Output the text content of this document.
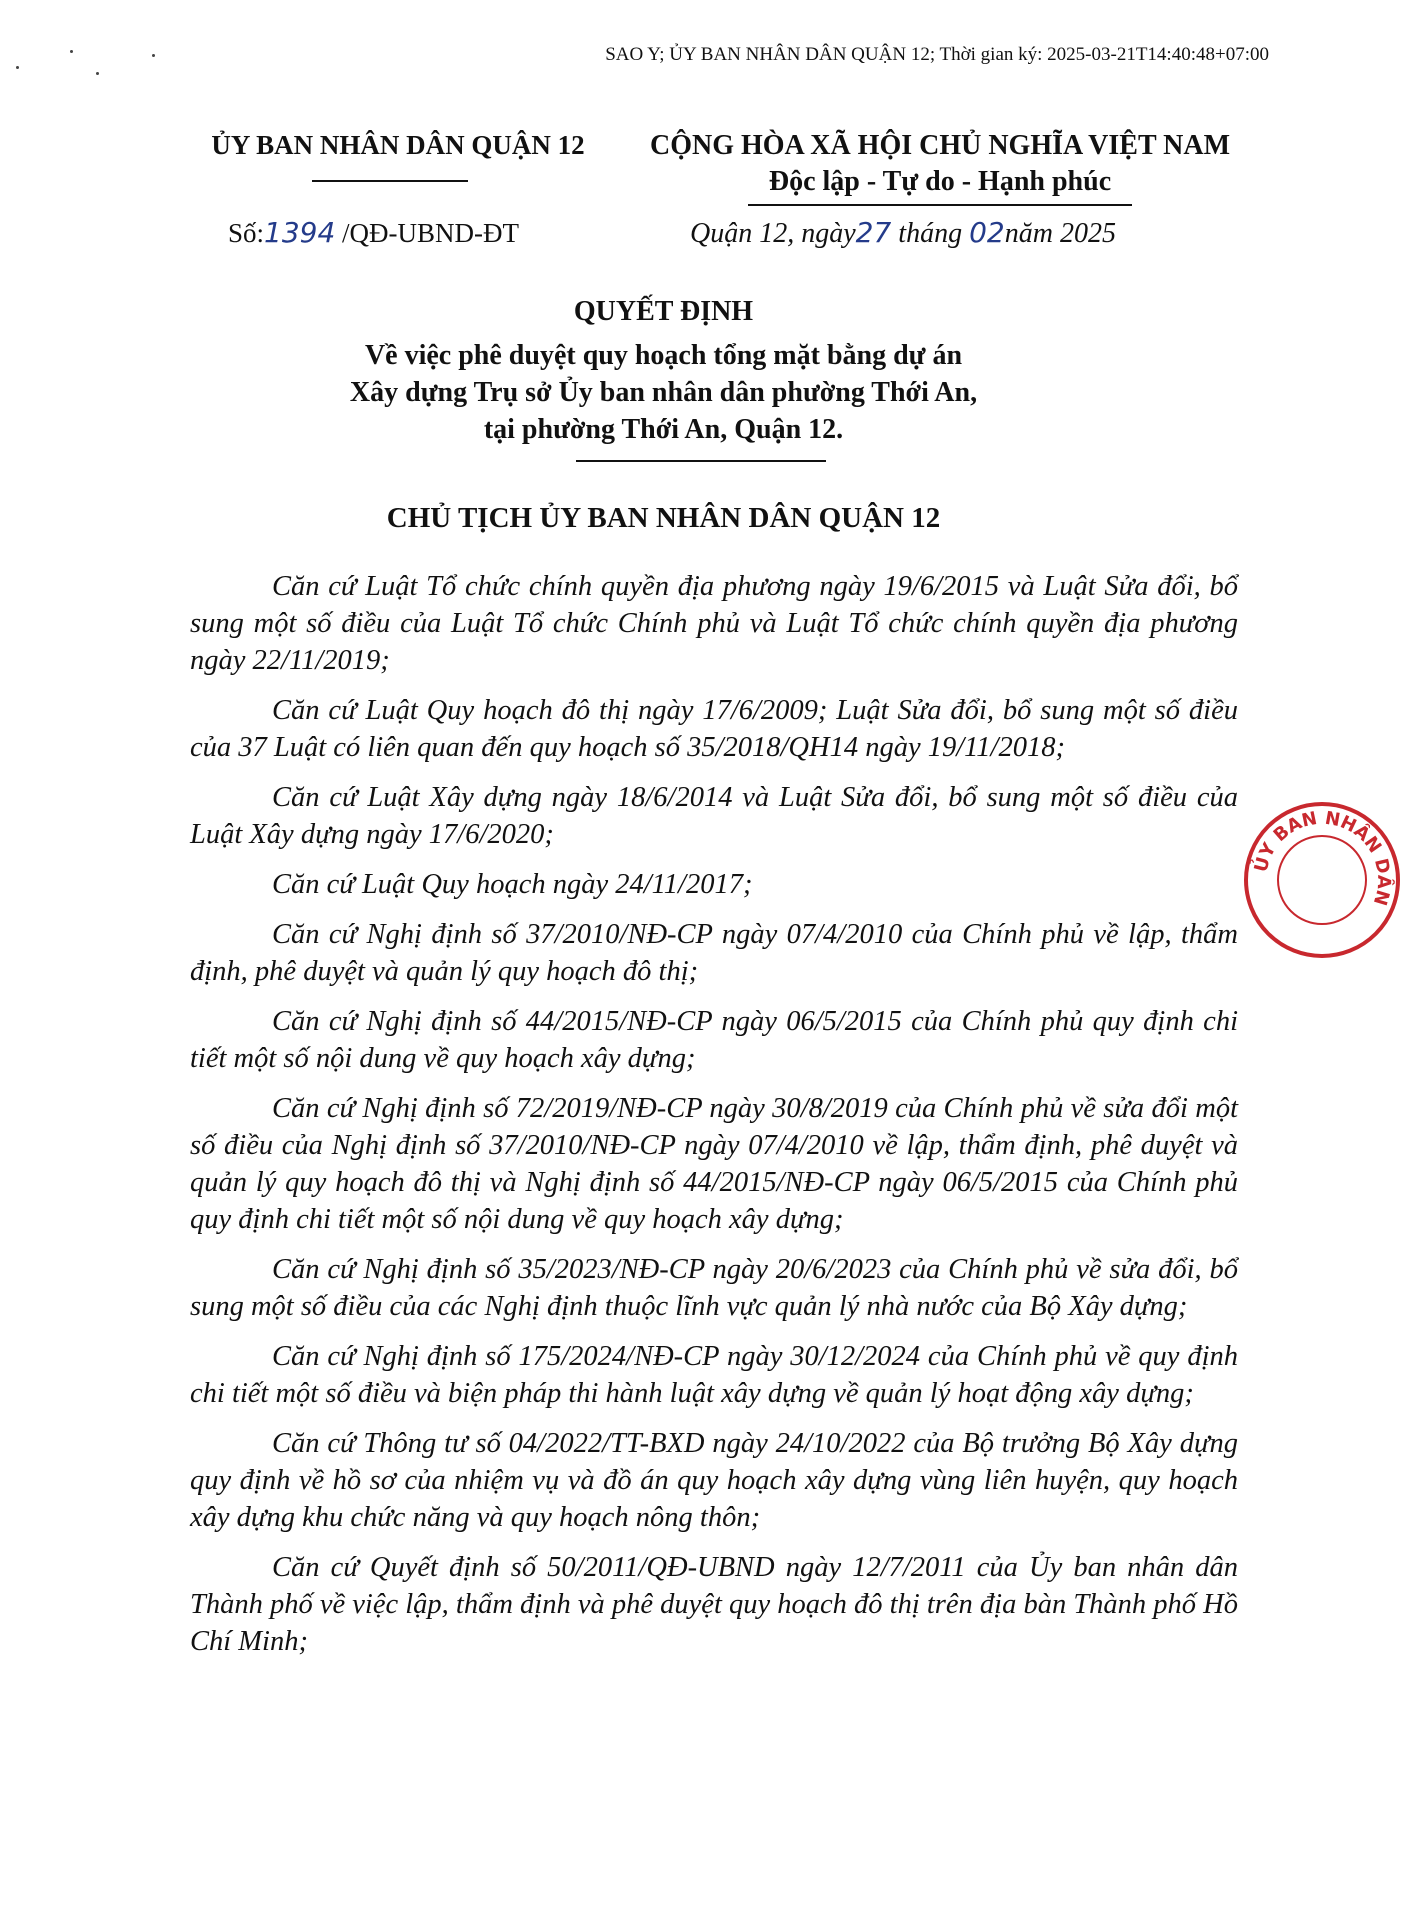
SAO Y; ỦY BAN NHÂN DÂN QUẬN 12; Thời gian ký: 2025-03-21T14:40:48+07:00
ỦY BAN NHÂN DÂN QUẬN 12	CỘNG HÒA XÃ HỘI CHỦ NGHĨA VIỆT NAM
Độc lập - Tự do - Hạnh phúc
Số:1394 /QĐ-UBND-ĐT	Quận 12, ngày27 tháng 02năm 2025
QUYẾT ĐỊNH
Về việc phê duyệt quy hoạch tổng mặt bằng dự án
Xây dựng Trụ sở Ủy ban nhân dân phường Thới An,
tại phường Thới An, Quận 12.
CHỦ TỊCH ỦY BAN NHÂN DÂN QUẬN 12

Căn cứ Luật Tổ chức chính quyền địa phương ngày 19/6/2015 và Luật Sửa đổi, bổ sung một số điều của Luật Tổ chức Chính phủ và Luật Tổ chức chính quyền địa phương ngày 22/11/2019;

Căn cứ Luật Quy hoạch đô thị ngày 17/6/2009; Luật Sửa đổi, bổ sung một số điều của 37 Luật có liên quan đến quy hoạch số 35/2018/QH14 ngày 19/11/2018;

Căn cứ Luật Xây dựng ngày 18/6/2014 và Luật Sửa đổi, bổ sung một số điều của Luật Xây dựng ngày 17/6/2020;

Căn cứ Luật Quy hoạch ngày 24/11/2017;

Căn cứ Nghị định số 37/2010/NĐ-CP ngày 07/4/2010 của Chính phủ về lập, thẩm định, phê duyệt và quản lý quy hoạch đô thị;

Căn cứ Nghị định số 44/2015/NĐ-CP ngày 06/5/2015 của Chính phủ quy định chi tiết một số nội dung về quy hoạch xây dựng;

Căn cứ Nghị định số 72/2019/NĐ-CP ngày 30/8/2019 của Chính phủ về sửa đổi một số điều của Nghị định số 37/2010/NĐ-CP ngày 07/4/2010 về lập, thẩm định, phê duyệt và quản lý quy hoạch đô thị và Nghị định số 44/2015/NĐ-CP ngày 06/5/2015 của Chính phủ quy định chi tiết một số nội dung về quy hoạch xây dựng;

Căn cứ Nghị định số 35/2023/NĐ-CP ngày 20/6/2023 của Chính phủ về sửa đổi, bổ sung một số điều của các Nghị định thuộc lĩnh vực quản lý nhà nước của Bộ Xây dựng;

Căn cứ Nghị định số 175/2024/NĐ-CP ngày 30/12/2024 của Chính phủ về quy định chi tiết một số điều và biện pháp thi hành luật xây dựng về quản lý hoạt động xây dựng;

Căn cứ Thông tư số 04/2022/TT-BXD ngày 24/10/2022 của Bộ trưởng Bộ Xây dựng quy định về hồ sơ của nhiệm vụ và đồ án quy hoạch xây dựng vùng liên huyện, quy hoạch xây dựng khu chức năng và quy hoạch nông thôn;

Căn cứ Quyết định số 50/2011/QĐ-UBND ngày 12/7/2011 của Ủy ban nhân dân Thành phố về việc lập, thẩm định và phê duyệt quy hoạch đô thị trên địa bàn Thành phố Hồ Chí Minh;

ỦY BAN NHÂN DÂN
